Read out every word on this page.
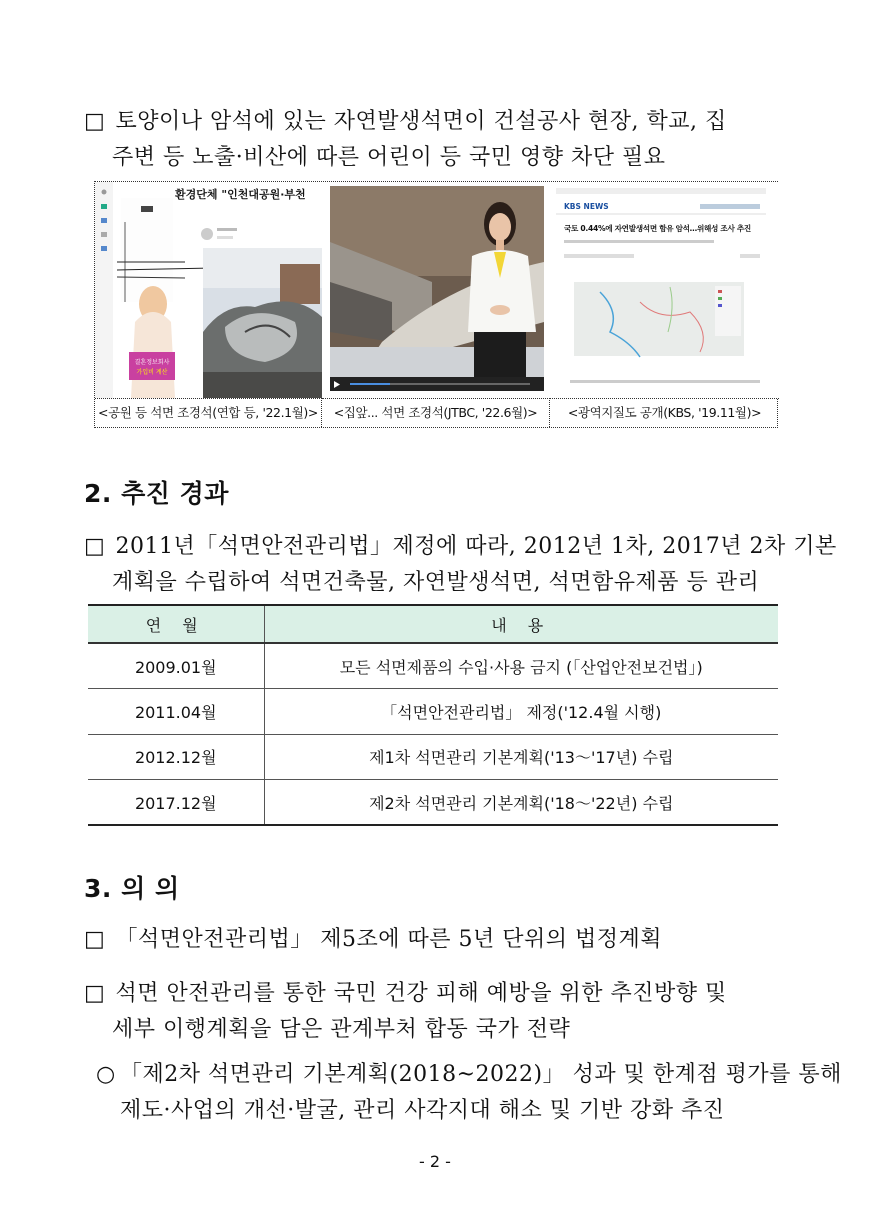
□ 토양이나 암석에 있는 자연발생석면이 건설공사 현장, 학교, 집
주변 등 노출·비산에 따른 어린이 등 국민 영향 차단 필요
결혼정보회사
가입비 계산
환경단체 "인천대공원·부천
<공원 등 석면 조경석(연합 등, '22.1월)>	<집앞... 석면 조경석(JTBC, '22.6월)>
KBS NEWS
국토 0.44%에 자연발생석면 함유 암석…위해성 조사 추진
<광역지질도 공개(KBS, '19.11월)>
2. 추진 경과
□ 2011년「석면안전관리법」제정에 따라, 2012년 1차, 2017년 2차 기본
계획을 수립하여 석면건축물, 자연발생석면, 석면함유제품 등 관리
연 월	내 용
2009.01월	모든 석면제품의 수입·사용 금지 (「산업안전보건법」)
2011.04월	「석면안전관리법」 제정('12.4월 시행)
2012.12월	제1차 석면관리 기본계획('13～'17년) 수립
2017.12월	제2차 석면관리 기본계획('18～'22년) 수립
3. 의 의
□ 「석면안전관리법」 제5조에 따른 5년 단위의 법정계획
□ 석면 안전관리를 통한 국민 건강 피해 예방을 위한 추진방향 및
세부 이행계획을 담은 관계부처 합동 국가 전략
○ 「제2차 석면관리 기본계획(2018~2022)」 성과 및 한계점 평가를 통해
제도·사업의 개선·발굴, 관리 사각지대 해소 및 기반 강화 추진
- 2 -
